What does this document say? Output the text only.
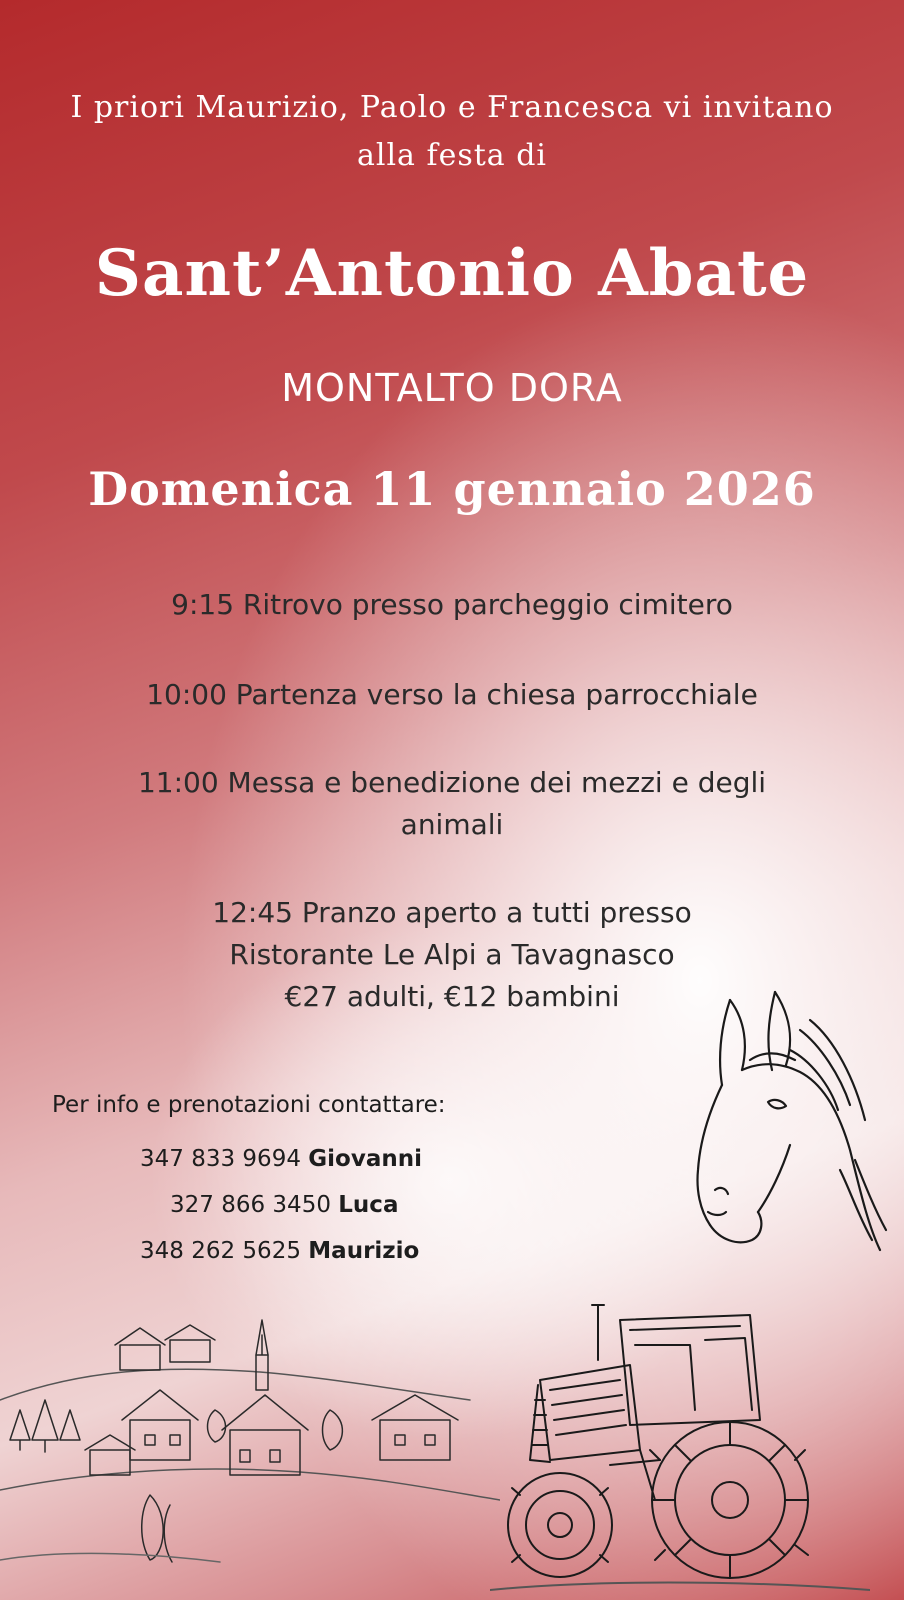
I priori Maurizio, Paolo e Francesca vi invitano
alla festa di
Sant’Antonio Abate
MONTALTO DORA
Domenica 11 gennaio 2026
9:15 Ritrovo presso parcheggio cimitero
10:00 Partenza verso la chiesa parrocchiale
11:00 Messa e benedizione dei mezzi e degli
animali
12:45 Pranzo aperto a tutti presso
Ristorante Le Alpi a Tavagnasco
€27 adulti, €12 bambini
Per info e prenotazioni contattare:
347 833 9694 Giovanni
327 866 3450 Luca
348 262 5625 Maurizio
